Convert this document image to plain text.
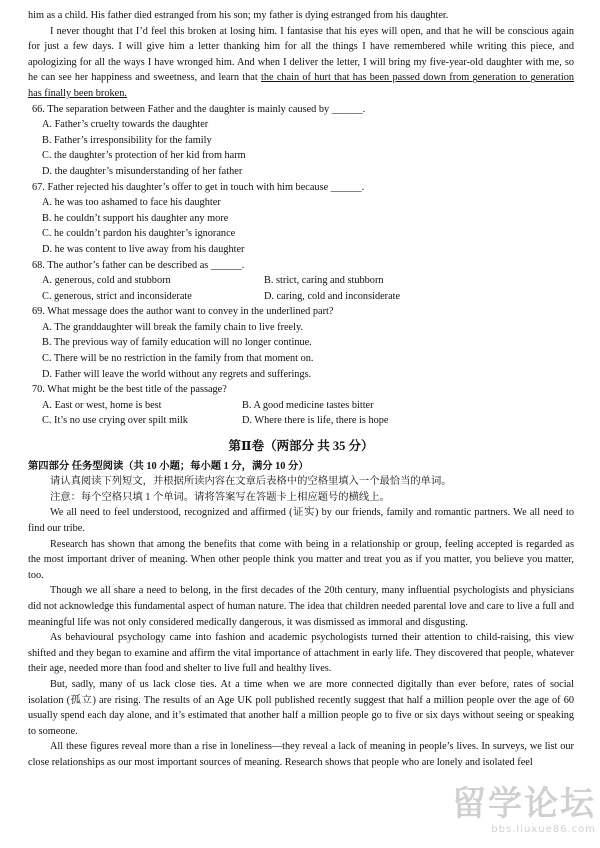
him as a child. His father died estranged from his son; my father is dying estranged from his daughter.

I never thought that I’d feel this broken at losing him. I fantasise that his eyes will open, and that he will be conscious again for just a few days. I will give him a letter thanking him for all the things I have remembered while writing this piece, and apologizing for all the ways I have wronged him. And when I deliver the letter, I will bring my five-year-old daughter with me, so he can see her happiness and sweetness, and learn that the chain of hurt that has been passed down from generation to generation has finally been broken.

66. The separation between Father and the daughter is mainly caused by ______.

A. Father’s cruelty towards the daughter

B. Father’s irresponsibility for the family

C. the daughter’s protection of her kid from harm

D. the daughter’s misunderstanding of her father

67. Father rejected his daughter’s offer to get in touch with him because ______.

A. he was too ashamed to face his daughter

B. he couldn’t support his daughter any more

C. he couldn’t pardon his daughter’s ignorance

D. he was content to live away from his daughter

68. The author’s father can be described as ______.

A. generous, cold and stubborn	B. strict, caring and stubborn
C. generous, strict and inconsiderate	D. caring, cold and inconsiderate

69. What message does the author want to convey in the underlined part?

A. The granddaughter will break the family chain to live freely.

B. The previous way of family education will no longer continue.

C. There will be no restriction in the family from that moment on.

D. Father will leave the world without any regrets and sufferings.

70. What might be the best title of the passage?

A. East or west, home is best	B. A good medicine tastes bitter
C. It’s no use crying over spilt milk	D. Where there is life, there is hope
第Ⅱ卷（两部分 共 35 分）

第四部分 任务型阅读（共 10 小题；每小题 1 分，满分 10 分）

请认真阅读下列短文，并根据所读内容在文章后表格中的空格里填入一个最恰当的单词。

注意：每个空格只填 1 个单词。请将答案写在答题卡上相应题号的横线上。

We all need to feel understood, recognized and affirmed (证实) by our friends, family and romantic partners. We all need to find our tribe.

Research has shown that among the benefits that come with being in a relationship or group, feeling accepted is regarded as the most important driver of meaning. When other people think you matter and treat you as if you matter, you believe you matter, too.

Though we all share a need to belong, in the first decades of the 20th century, many influential psychologists and physicians did not acknowledge this fundamental aspect of human nature. The idea that children needed parental love and care to live a full and meaningful life was not only considered medically dangerous, it was dismissed as immoral and disgusting.

As behavioural psychology came into fashion and academic psychologists turned their attention to child-raising, this view shifted and they began to examine and affirm the vital importance of attachment in early life. They discovered that people, whatever their age, needed more than food and shelter to live full and healthy lives.

But, sadly, many of us lack close ties. At a time when we are more connected digitally than ever before, rates of social isolation (孤立) are rising. The results of an Age UK poll published recently suggest that half a million people over the age of 60 usually spend each day alone, and it’s estimated that another half a million people go to five or six days without seeing or speaking to someone.

All these figures reveal more than a rise in loneliness—they reveal a lack of meaning in people’s lives. In surveys, we list our close relationships as our most important sources of meaning. Research shows that people who are lonely and isolated feel

留学论坛
bbs.liuxue86.com
